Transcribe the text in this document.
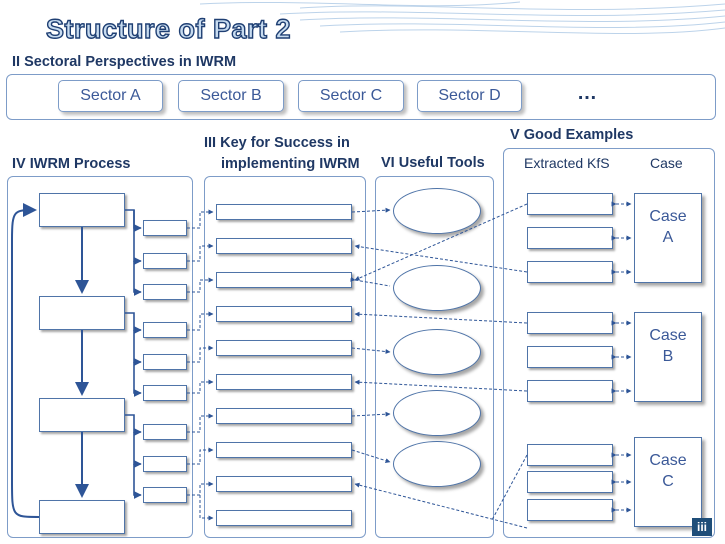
Structure of Part 2
II Sectoral Perspectives in IWRM
Sector A	Sector B	Sector C	Sector D	…
IV IWRM Process
III Key for Success in
implementing IWRM VI Useful Tools
V Good Examples
Extracted KfS	Case
Case
A
Case
B
Case
C
iii
